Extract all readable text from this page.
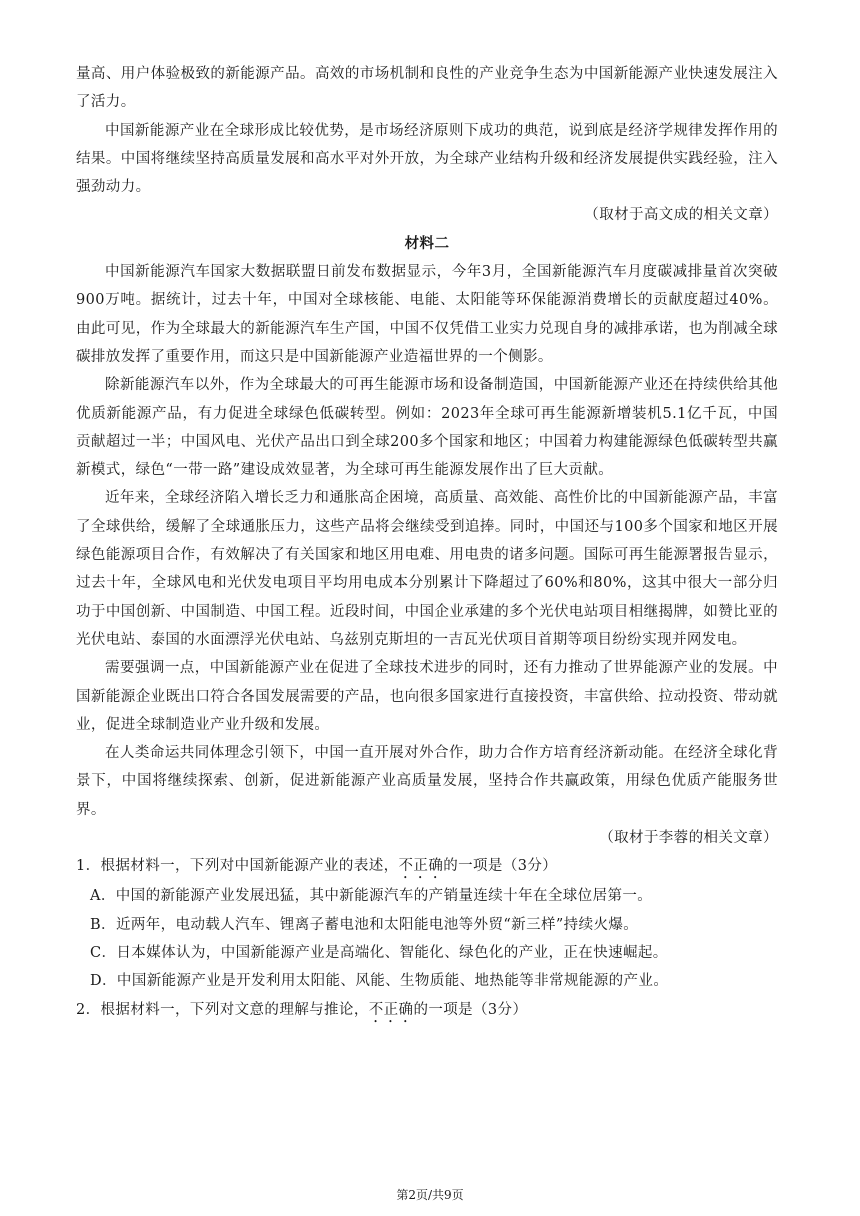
量高、用户体验极致的新能源产品。高效的市场机制和良性的产业竞争生态为中国新能源产业快速发展注入了活力。

中国新能源产业在全球形成比较优势，是市场经济原则下成功的典范，说到底是经济学规律发挥作用的结果。中国将继续坚持高质量发展和高水平对外开放，为全球产业结构升级和经济发展提供实践经验，注入强劲动力。

（取材于高文成的相关文章）

材料二

中国新能源汽车国家大数据联盟日前发布数据显示，今年3月，全国新能源汽车月度碳减排量首次突破900万吨。据统计，过去十年，中国对全球核能、电能、太阳能等环保能源消费增长的贡献度超过40%。由此可见，作为全球最大的新能源汽车生产国，中国不仅凭借工业实力兑现自身的减排承诺，也为削减全球碳排放发挥了重要作用，而这只是中国新能源产业造福世界的一个侧影。

除新能源汽车以外，作为全球最大的可再生能源市场和设备制造国，中国新能源产业还在持续供给其他优质新能源产品，有力促进全球绿色低碳转型。例如：2023年全球可再生能源新增装机5.1亿千瓦，中国贡献超过一半；中国风电、光伏产品出口到全球200多个国家和地区；中国着力构建能源绿色低碳转型共赢新模式，绿色“一带一路”建设成效显著，为全球可再生能源发展作出了巨大贡献。

近年来，全球经济陷入增长乏力和通胀高企困境，高质量、高效能、高性价比的中国新能源产品，丰富了全球供给，缓解了全球通胀压力，这些产品将会继续受到追捧。同时，中国还与100多个国家和地区开展绿色能源项目合作，有效解决了有关国家和地区用电难、用电贵的诸多问题。国际可再生能源署报告显示，过去十年，全球风电和光伏发电项目平均用电成本分别累计下降超过了60%和80%，这其中很大一部分归功于中国创新、中国制造、中国工程。近段时间，中国企业承建的多个光伏电站项目相继揭牌，如赞比亚的光伏电站、泰国的水面漂浮光伏电站、乌兹别克斯坦的一吉瓦光伏项目首期等项目纷纷实现并网发电。

需要强调一点，中国新能源产业在促进了全球技术进步的同时，还有力推动了世界能源产业的发展。中国新能源企业既出口符合各国发展需要的产品，也向很多国家进行直接投资，丰富供给、拉动投资、带动就业，促进全球制造业产业升级和发展。

在人类命运共同体理念引领下，中国一直开展对外合作，助力合作方培育经济新动能。在经济全球化背景下，中国将继续探索、创新，促进新能源产业高质量发展，坚持合作共赢政策，用绿色优质产能服务世界。

（取材于李蓉的相关文章）

1．根据材料一，下列对中国新能源产业的表述，不正确的一项是（3分）

A．中国的新能源产业发展迅猛，其中新能源汽车的产销量连续十年在全球位居第一。

B．近两年，电动载人汽车、锂离子蓄电池和太阳能电池等外贸“新三样”持续火爆。

C．日本媒体认为，中国新能源产业是高端化、智能化、绿色化的产业，正在快速崛起。

D．中国新能源产业是开发利用太阳能、风能、生物质能、地热能等非常规能源的产业。

2．根据材料一，下列对文意的理解与推论，不正确的一项是（3分）

第2页/共9页
